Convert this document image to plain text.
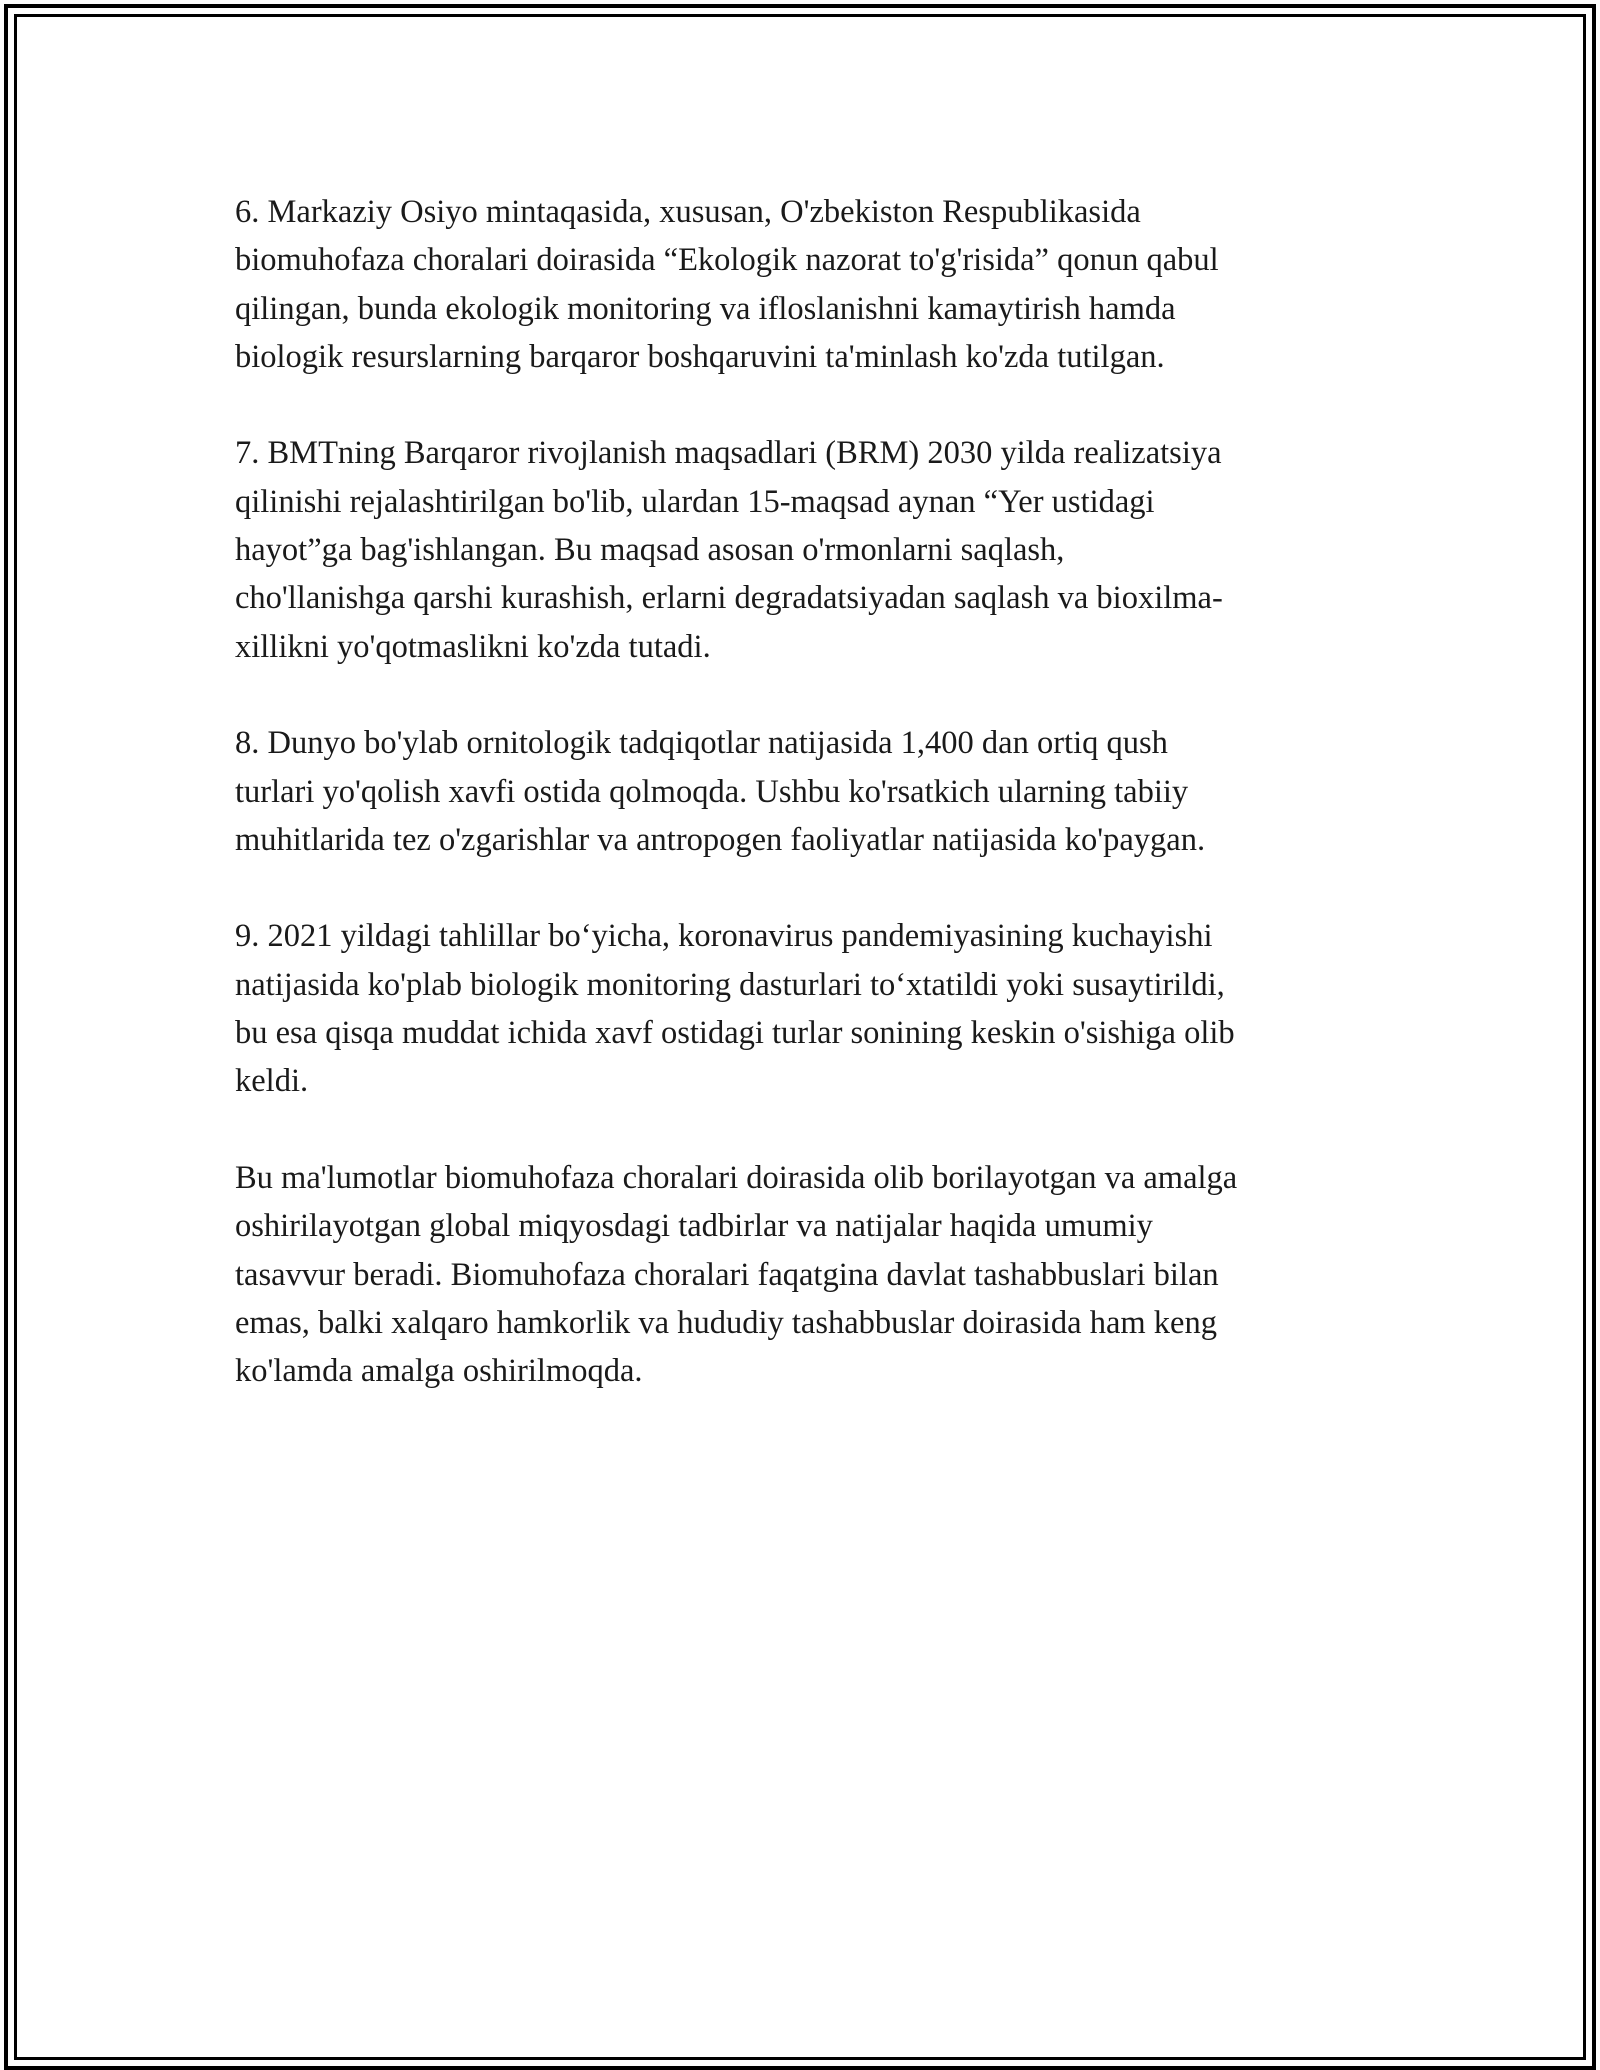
6. Markaziy Osiyo mintaqasida, xususan, O'zbekiston Respublikasida
biomuhofaza choralari doirasida “Ekologik nazorat to'g'risida” qonun qabul
qilingan, bunda ekologik monitoring va ifloslanishni kamaytirish hamda
biologik resurslarning barqaror boshqaruvini ta'minlash ko'zda tutilgan.

7. BMTning Barqaror rivojlanish maqsadlari (BRM) 2030 yilda realizatsiya
qilinishi rejalashtirilgan bo'lib, ulardan 15-maqsad aynan “Yer ustidagi
hayot”ga bag'ishlangan. Bu maqsad asosan o'rmonlarni saqlash,
cho'llanishga qarshi kurashish, erlarni degradatsiyadan saqlash va bioxilma-
xillikni yo'qotmaslikni ko'zda tutadi.

8. Dunyo bo'ylab ornitologik tadqiqotlar natijasida 1,400 dan ortiq qush
turlari yo'qolish xavfi ostida qolmoqda. Ushbu ko'rsatkich ularning tabiiy
muhitlarida tez o'zgarishlar va antropogen faoliyatlar natijasida ko'paygan.

9. 2021 yildagi tahlillar bo‘yicha, koronavirus pandemiyasining kuchayishi
natijasida ko'plab biologik monitoring dasturlari to‘xtatildi yoki susaytirildi,
bu esa qisqa muddat ichida xavf ostidagi turlar sonining keskin o'sishiga olib
keldi.

Bu ma'lumotlar biomuhofaza choralari doirasida olib borilayotgan va amalga
oshirilayotgan global miqyosdagi tadbirlar va natijalar haqida umumiy
tasavvur beradi. Biomuhofaza choralari faqatgina davlat tashabbuslari bilan
emas, balki xalqaro hamkorlik va hududiy tashabbuslar doirasida ham keng
ko'lamda amalga oshirilmoqda.
